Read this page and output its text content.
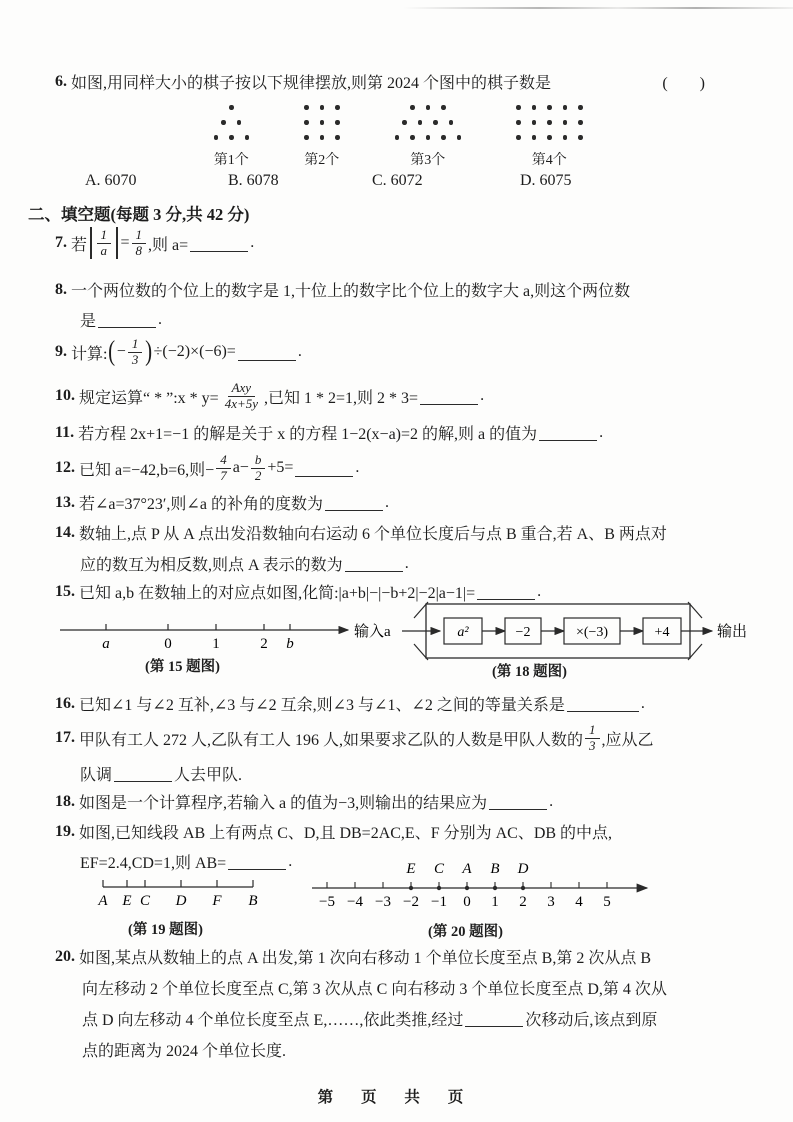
6. 如图,用同样大小的棋子按以下规律摆放,则第 2024 个图中的棋子数是	(　　)
第1个	第2个	第3个	第4个
A. 6070	B. 6078	C. 6072	D. 6075
二、填空题(每题 3 分,共 42 分)
7. 若 $\frac{1}{a} = \frac{1}{8}$ ,则 a=	.
8. 一个两位数的个位上的数字是 1,十位上的数字比个位上的数字大 a,则这个两位数
是	.
9. 计算: ( − $\frac{1}{3}$ ) ÷(−2)×(−6)=	.
10. 规定运算“ * ”:x * $y= \frac{\text{Axy}}{4x+5y}$ ,已知 1 * 2=1,则 2 * 3=	.
11. 若方程 2x+1=−1 的解是关于 x 的方程 1−2(x−a)=2 的解,则 a 的值为	.
12. 已知 a=−42,b=6,则− $\frac{4}{7} a- \frac{b}{2} +5=$	.
13. 若∠a=37°23′,则∠a 的补角的度数为	.
14. 数轴上,点 P 从 A 点出发沿数轴向右运动 6 个单位长度后与点 B 重合,若 A、B 两点对
应的数互为相反数,则点 A 表示的数为	.
15. 已知 a,b 在数轴上的对应点如图,化简:|a+b|−|−b+2|−2|a−1|=	.
a	0	1	2 b
(第 15 题图)
输入a	a²	−2	×(−3)	+4	输出
(第 18 题图)
16. 已知∠1 与∠2 互补,∠3 与∠2 互余,则∠3 与∠1、∠2 之间的等量关系是	.
17. 甲队有工人 272 人,乙队有工人 196 人,如果要求乙队的人数是甲队人数的 $\frac{1}{3}$ ,应从乙
队调	人去甲队.
18. 如图是一个计算程序,若输入 a 的值为−3,则输出的结果应为	.
19. 如图,已知线段 AB 上有两点 C、D,且 DB=2AC,E、F 分别为 AC、DB 的中点,
EF=2.4,CD=1,则 AB=	.
A E C D F B
(第 19 题图)
E C A B D
−5 −4 −3 −2 −1 0 1 2 3 4 5
(第 20 题图)
20. 如图,某点从数轴上的点 A 出发,第 1 次向右移动 1 个单位长度至点 B,第 2 次从点 B
向左移动 2 个单位长度至点 C,第 3 次从点 C 向右移动 3 个单位长度至点 D,第 4 次从
点 D 向左移动 4 个单位长度至点 E,……,依此类推,经过	次移动后,该点到原
点的距离为 2024 个单位长度.
第 页 共 页
